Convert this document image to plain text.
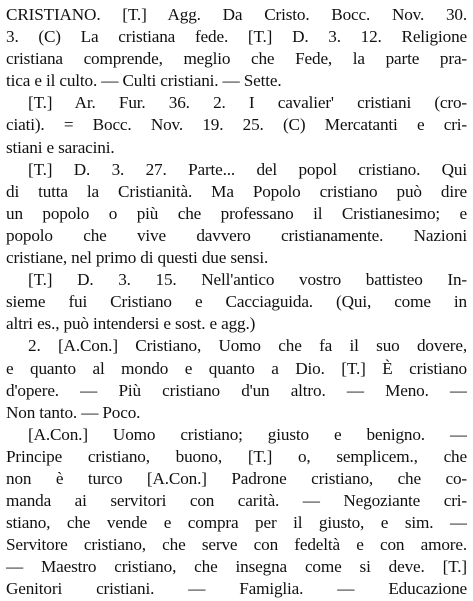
CRISTIANO. [T.] Agg. Da Cristo. Bocc. Nov. 30.
3. (C) La cristiana fede. [T.] D. 3. 12. Religione
cristiana comprende, meglio che Fede, la parte pra-
tica e il culto. — Culti cristiani. — Sette.
[T.] Ar. Fur. 36. 2. I cavalier' cristiani (cro-
ciati). = Bocc. Nov. 19. 25. (C) Mercatanti e cri-
stiani e saracini.
[T.] D. 3. 27. Parte... del popol cristiano. Qui
di tutta la Cristianità. Ma Popolo cristiano può dire
un popolo o più che professano il Cristianesimo; e
popolo che vive davvero cristianamente. Nazioni
cristiane, nel primo di questi due sensi.
[T.] D. 3. 15. Nell'antico vostro battisteo In-
sieme fui Cristiano e Cacciaguida. (Qui, come in
altri es., può intendersi e sost. e agg.)
2. [A.Con.] Cristiano, Uomo che fa il suo dovere,
e quanto al mondo e quanto a Dio. [T.] È cristiano
d'opere. — Più cristiano d'un altro. — Meno. —
Non tanto. — Poco.
[A.Con.] Uomo cristiano; giusto e benigno. —
Principe cristiano, buono, [T.] o, semplicem., che
non è turco [A.Con.] Padrone cristiano, che co-
manda ai servitori con carità. — Negoziante cri-
stiano, che vende e compra per il giusto, e sim. —
Servitore cristiano, che serve con fedeltà e con amore.
— Maestro cristiano, che insegna come si deve. [T.]
Genitori cristiani. — Famiglia. — Educazione
